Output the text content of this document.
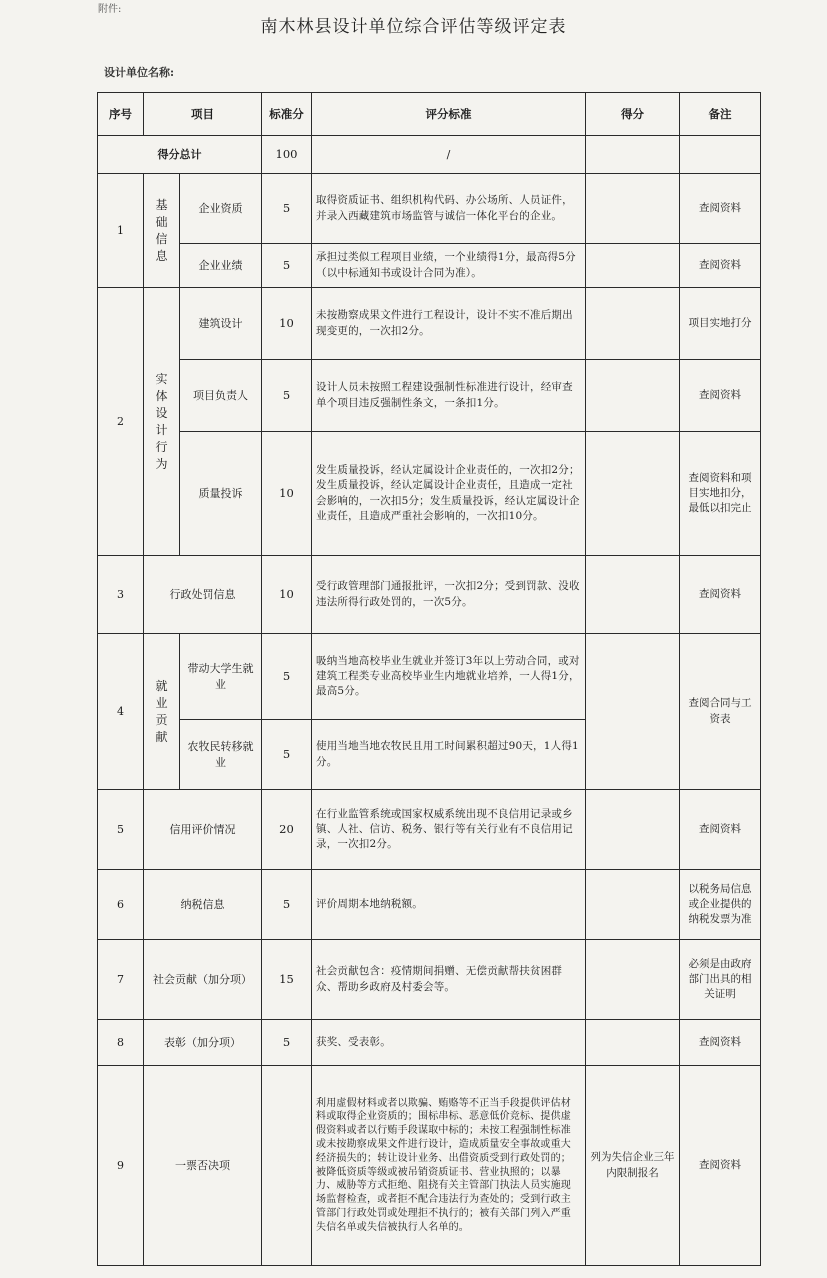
附件:
南木林县设计单位综合评估等级评定表
设计单位名称:
序号	项目		标准分	评分标准	得分	备注
得分总计			100	/		
1	基础信息	企业资质	5	取得资质证书、组织机构代码、办公场所、人员证件，并录入西藏建筑市场监管与诚信一体化平台的企业。		查阅资料
		企业业绩	5	承担过类似工程项目业绩，一个业绩得1分，最高得5分（以中标通知书或设计合同为准）。		查阅资料
2	实体设计行为	建筑设计	10	未按勘察成果文件进行工程设计，设计不实不准后期出现变更的，一次扣2分。		项目实地打分
		项目负责人	5	设计人员未按照工程建设强制性标准进行设计，经审查单个项目违反强制性条文，一条扣1分。		查阅资料
		质量投诉	10	发生质量投诉，经认定属设计企业责任的，一次扣2分；发生质量投诉，经认定属设计企业责任，且造成一定社会影响的，一次扣5分；发生质量投诉，经认定属设计企业责任，且造成严重社会影响的，一次扣10分。		查阅资料和项目实地扣分，最低以扣完止
3	行政处罚信息		10	受行政管理部门通报批评，一次扣2分；受到罚款、没收违法所得行政处罚的，一次5分。		查阅资料
4	就业贡献	带动大学生就业	5	吸纳当地高校毕业生就业并签订3年以上劳动合同，或对建筑工程类专业高校毕业生内地就业培养，一人得1分，最高5分。		查阅合同与工资表
		农牧民转移就业	5	使用当地当地农牧民且用工时间累积超过90天，1人得1分。		
5	信用评价情况		20	在行业监管系统或国家权威系统出现不良信用记录或乡镇、人社、信访、税务、银行等有关行业有不良信用记录，一次扣2分。		查阅资料
6	纳税信息		5	评价周期本地纳税额。		以税务局信息或企业提供的纳税发票为准
7	社会贡献（加分项）		15	社会贡献包含：疫情期间捐赠、无偿贡献帮扶贫困群众、帮助乡政府及村委会等。		必须是由政府部门出具的相关证明
8	表彰（加分项）		5	获奖、受表彰。		查阅资料
9	一票否决项			利用虚假材料或者以欺骗、贿赂等不正当手段提供评估材料或取得企业资质的；围标串标、恶意低价竞标、提供虚假资料或者以行贿手段谋取中标的；未按工程强制性标准或未按勘察成果文件进行设计，造成质量安全事故或重大经济损失的；转让设计业务、出借资质受到行政处罚的；被降低资质等级或被吊销资质证书、营业执照的；以暴力、威胁等方式拒绝、阻挠有关主管部门执法人员实施现场监督检查，或者拒不配合违法行为查处的；受到行政主管部门行政处罚或处理拒不执行的；被有关部门列入严重失信名单或失信被执行人名单的。	列为失信企业三年内限制报名	查阅资料
